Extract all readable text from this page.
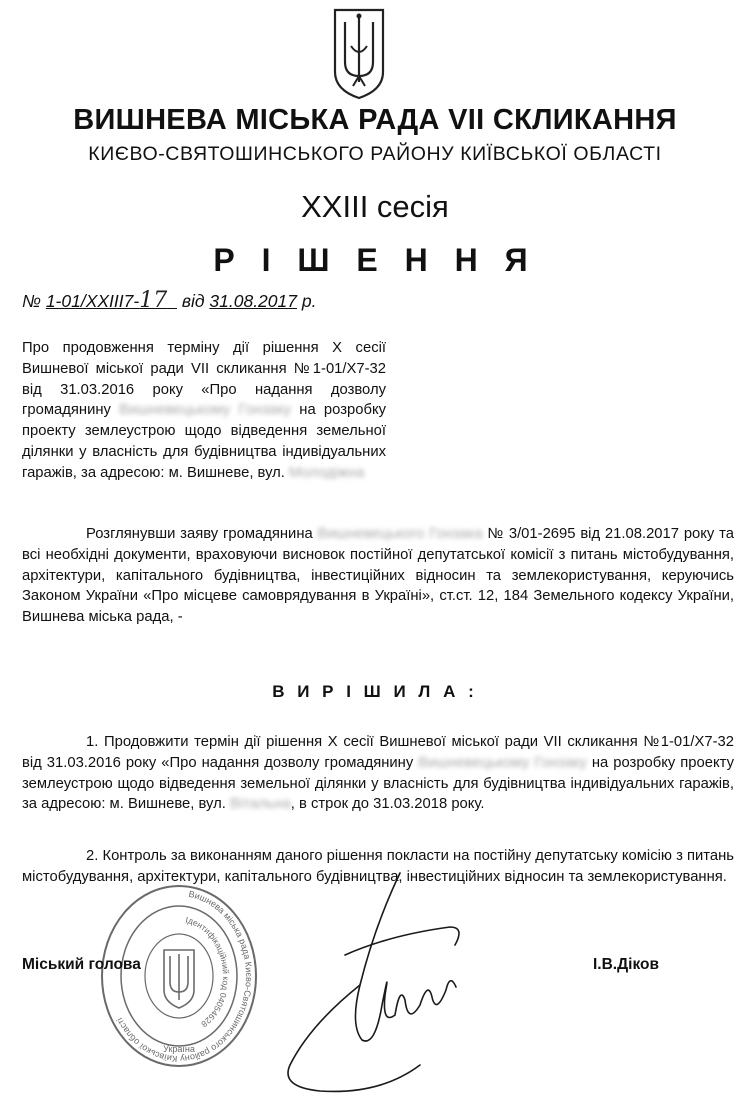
ВИШНЕВА МІСЬКА РАДА VII СКЛИКАННЯ
КИЄВО-СВЯТОШИНСЬКОГО РАЙОНУ КИЇВСЬКОЇ ОБЛАСТІ
XXIII сесія
Р І Ш Е Н Н Я
№ 1-01/XXIII7-17 від 31.08.2017 р.
Про продовження терміну дії рішення Х сесії Вишневої міської ради VII скликання №1-01/Х7-32 від 31.03.2016 року «Про надання дозволу громадянину Вишневецькому Гонзаку на розробку проекту землеустрою щодо відведення земельної ділянки у власність для будівництва індивідуальних гаражів, за адресою: м. Вишневе, вул. Молодіжна
Розглянувши заяву громадянина Вишневецького Гонзака № 3/01-2695 від 21.08.2017 року та всі необхідні документи, враховуючи висновок постійної депутатської комісії з питань містобудування, архітектури, капітального будівництва, інвестиційних відносин та землекористування, керуючись Законом України «Про місцеве самоврядування в Україні», ст.ст. 12, 184 Земельного кодексу України, Вишнева міська рада, -
В И Р І Ш И Л А :
1. Продовжити термін дії рішення Х сесії Вишневої міської ради VII скликання №1-01/Х7-32 від 31.03.2016 року «Про надання дозволу громадянину Вишневецькому Гонзаку на розробку проекту землеустрою щодо відведення земельної ділянки у власність для будівництва індивідуальних гаражів, за адресою: м. Вишневе, вул. Вітальна, в строк до 31.03.2018 року.
2. Контроль за виконанням даного рішення покласти на постійну депутатську комісію з питань містобудування, архітектури, капітального будівництва, інвестиційних відносин та землекористування.
Вишнева міська рада Києво-Святошинського району Київської області
Ідентифікаційний код 04054628
Україна
Міський голова	І.В.Діков
